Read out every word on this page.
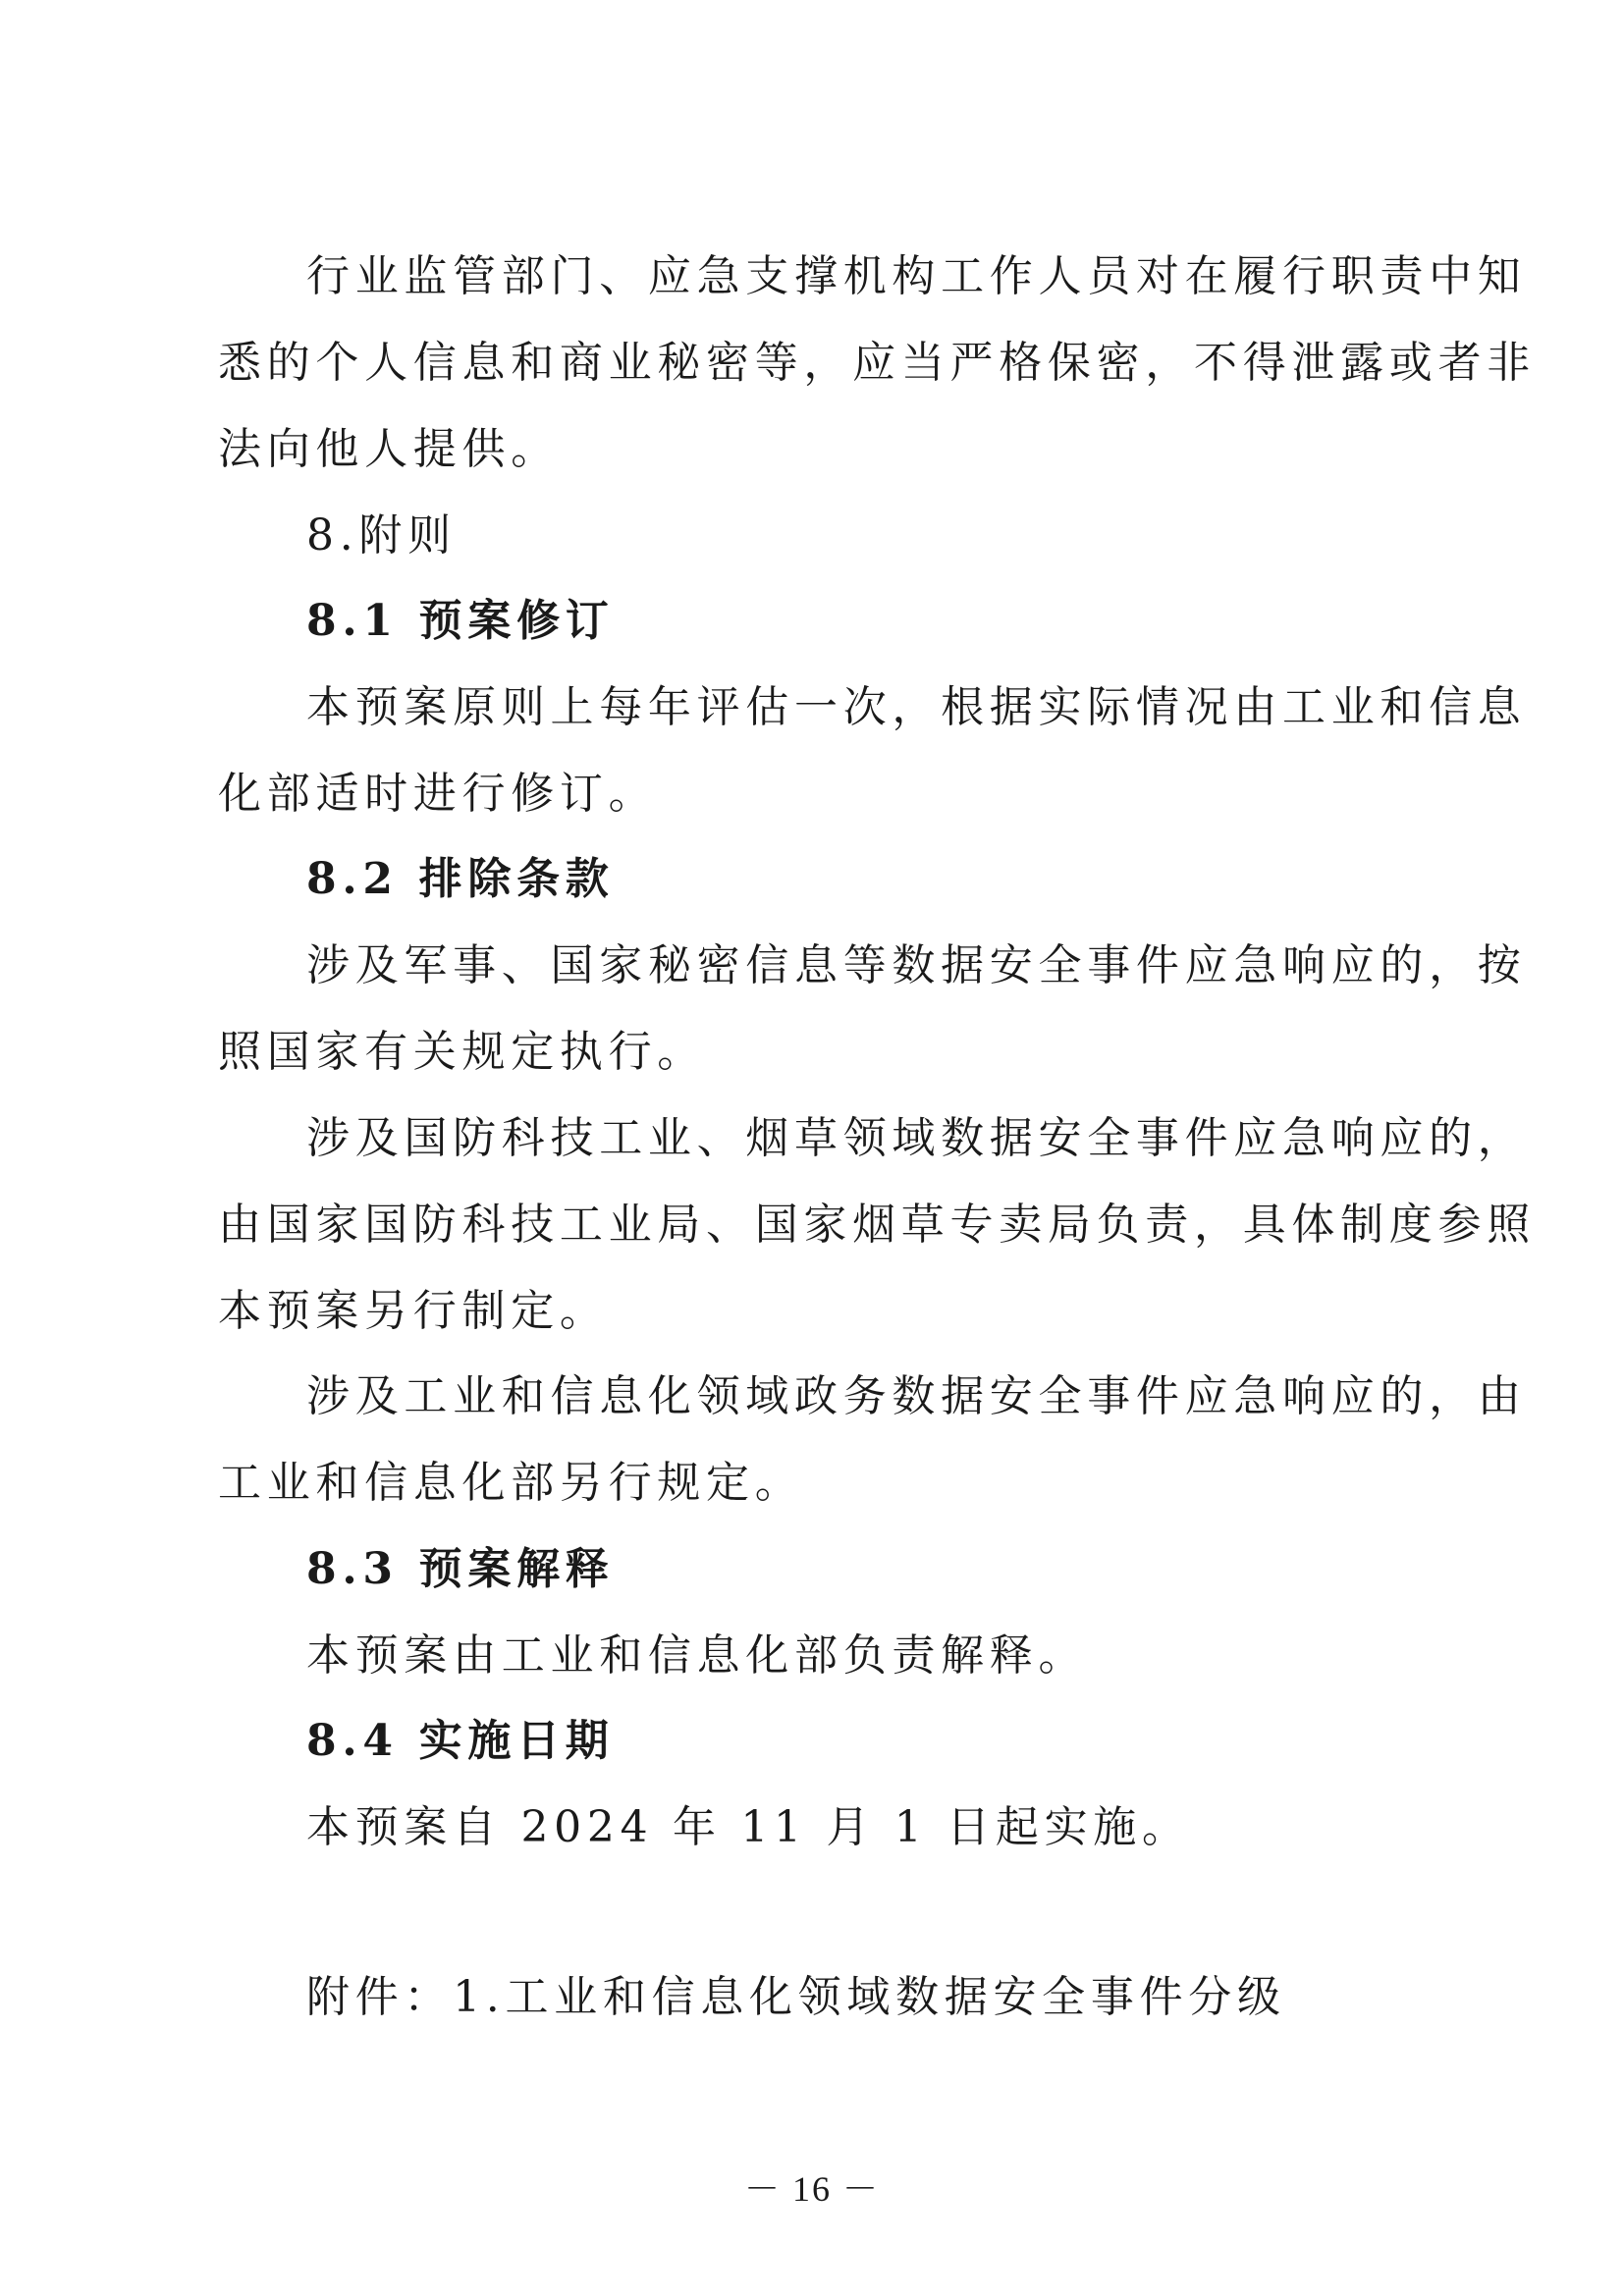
行业监管部门、应急支撑机构工作人员对在履行职责中知
悉的个人信息和商业秘密等，应当严格保密，不得泄露或者非
法向他人提供。
8.附则
8.1 预案修订
本预案原则上每年评估一次，根据实际情况由工业和信息
化部适时进行修订。
8.2 排除条款
涉及军事、国家秘密信息等数据安全事件应急响应的，按
照国家有关规定执行。
涉及国防科技工业、烟草领域数据安全事件应急响应的，
由国家国防科技工业局、国家烟草专卖局负责，具体制度参照
本预案另行制定。
涉及工业和信息化领域政务数据安全事件应急响应的，由
工业和信息化部另行规定。
8.3 预案解释
本预案由工业和信息化部负责解释。
8.4 实施日期
本预案自 2024 年 11 月 1 日起实施。
附件：1.工业和信息化领域数据安全事件分级
－ 16 －
